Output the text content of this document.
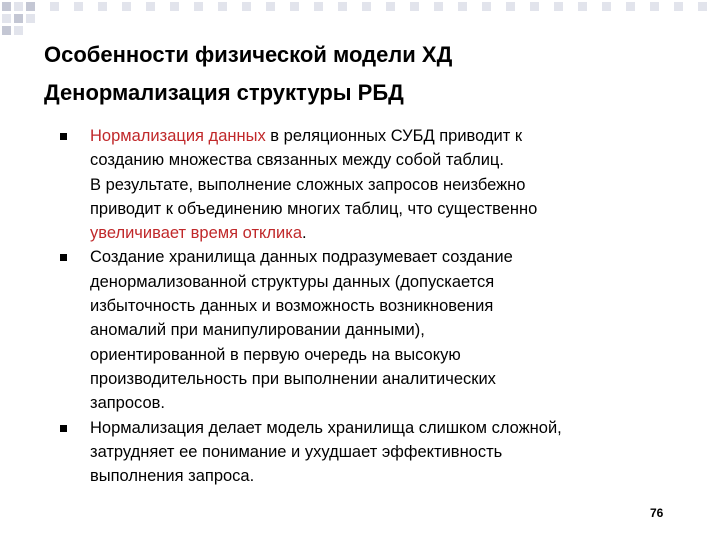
Особенности физической модели ХД
Денормализация структуры РБД
Нормализация данных в реляционных СУБД приводит к
созданию множества связанных между собой таблиц.
В результате, выполнение сложных запросов неизбежно
приводит к объединению многих таблиц, что существенно
увеличивает время отклика.
Создание хранилища данных подразумевает создание
денормализованной структуры данных (допускается
избыточность данных и возможность возникновения
аномалий при манипулировании данными),
ориентированной в первую очередь на высокую
производительность при выполнении аналитических
запросов.
Нормализация делает модель хранилища слишком сложной,
затрудняет ее понимание и ухудшает эффективность
выполнения запроса.
76
